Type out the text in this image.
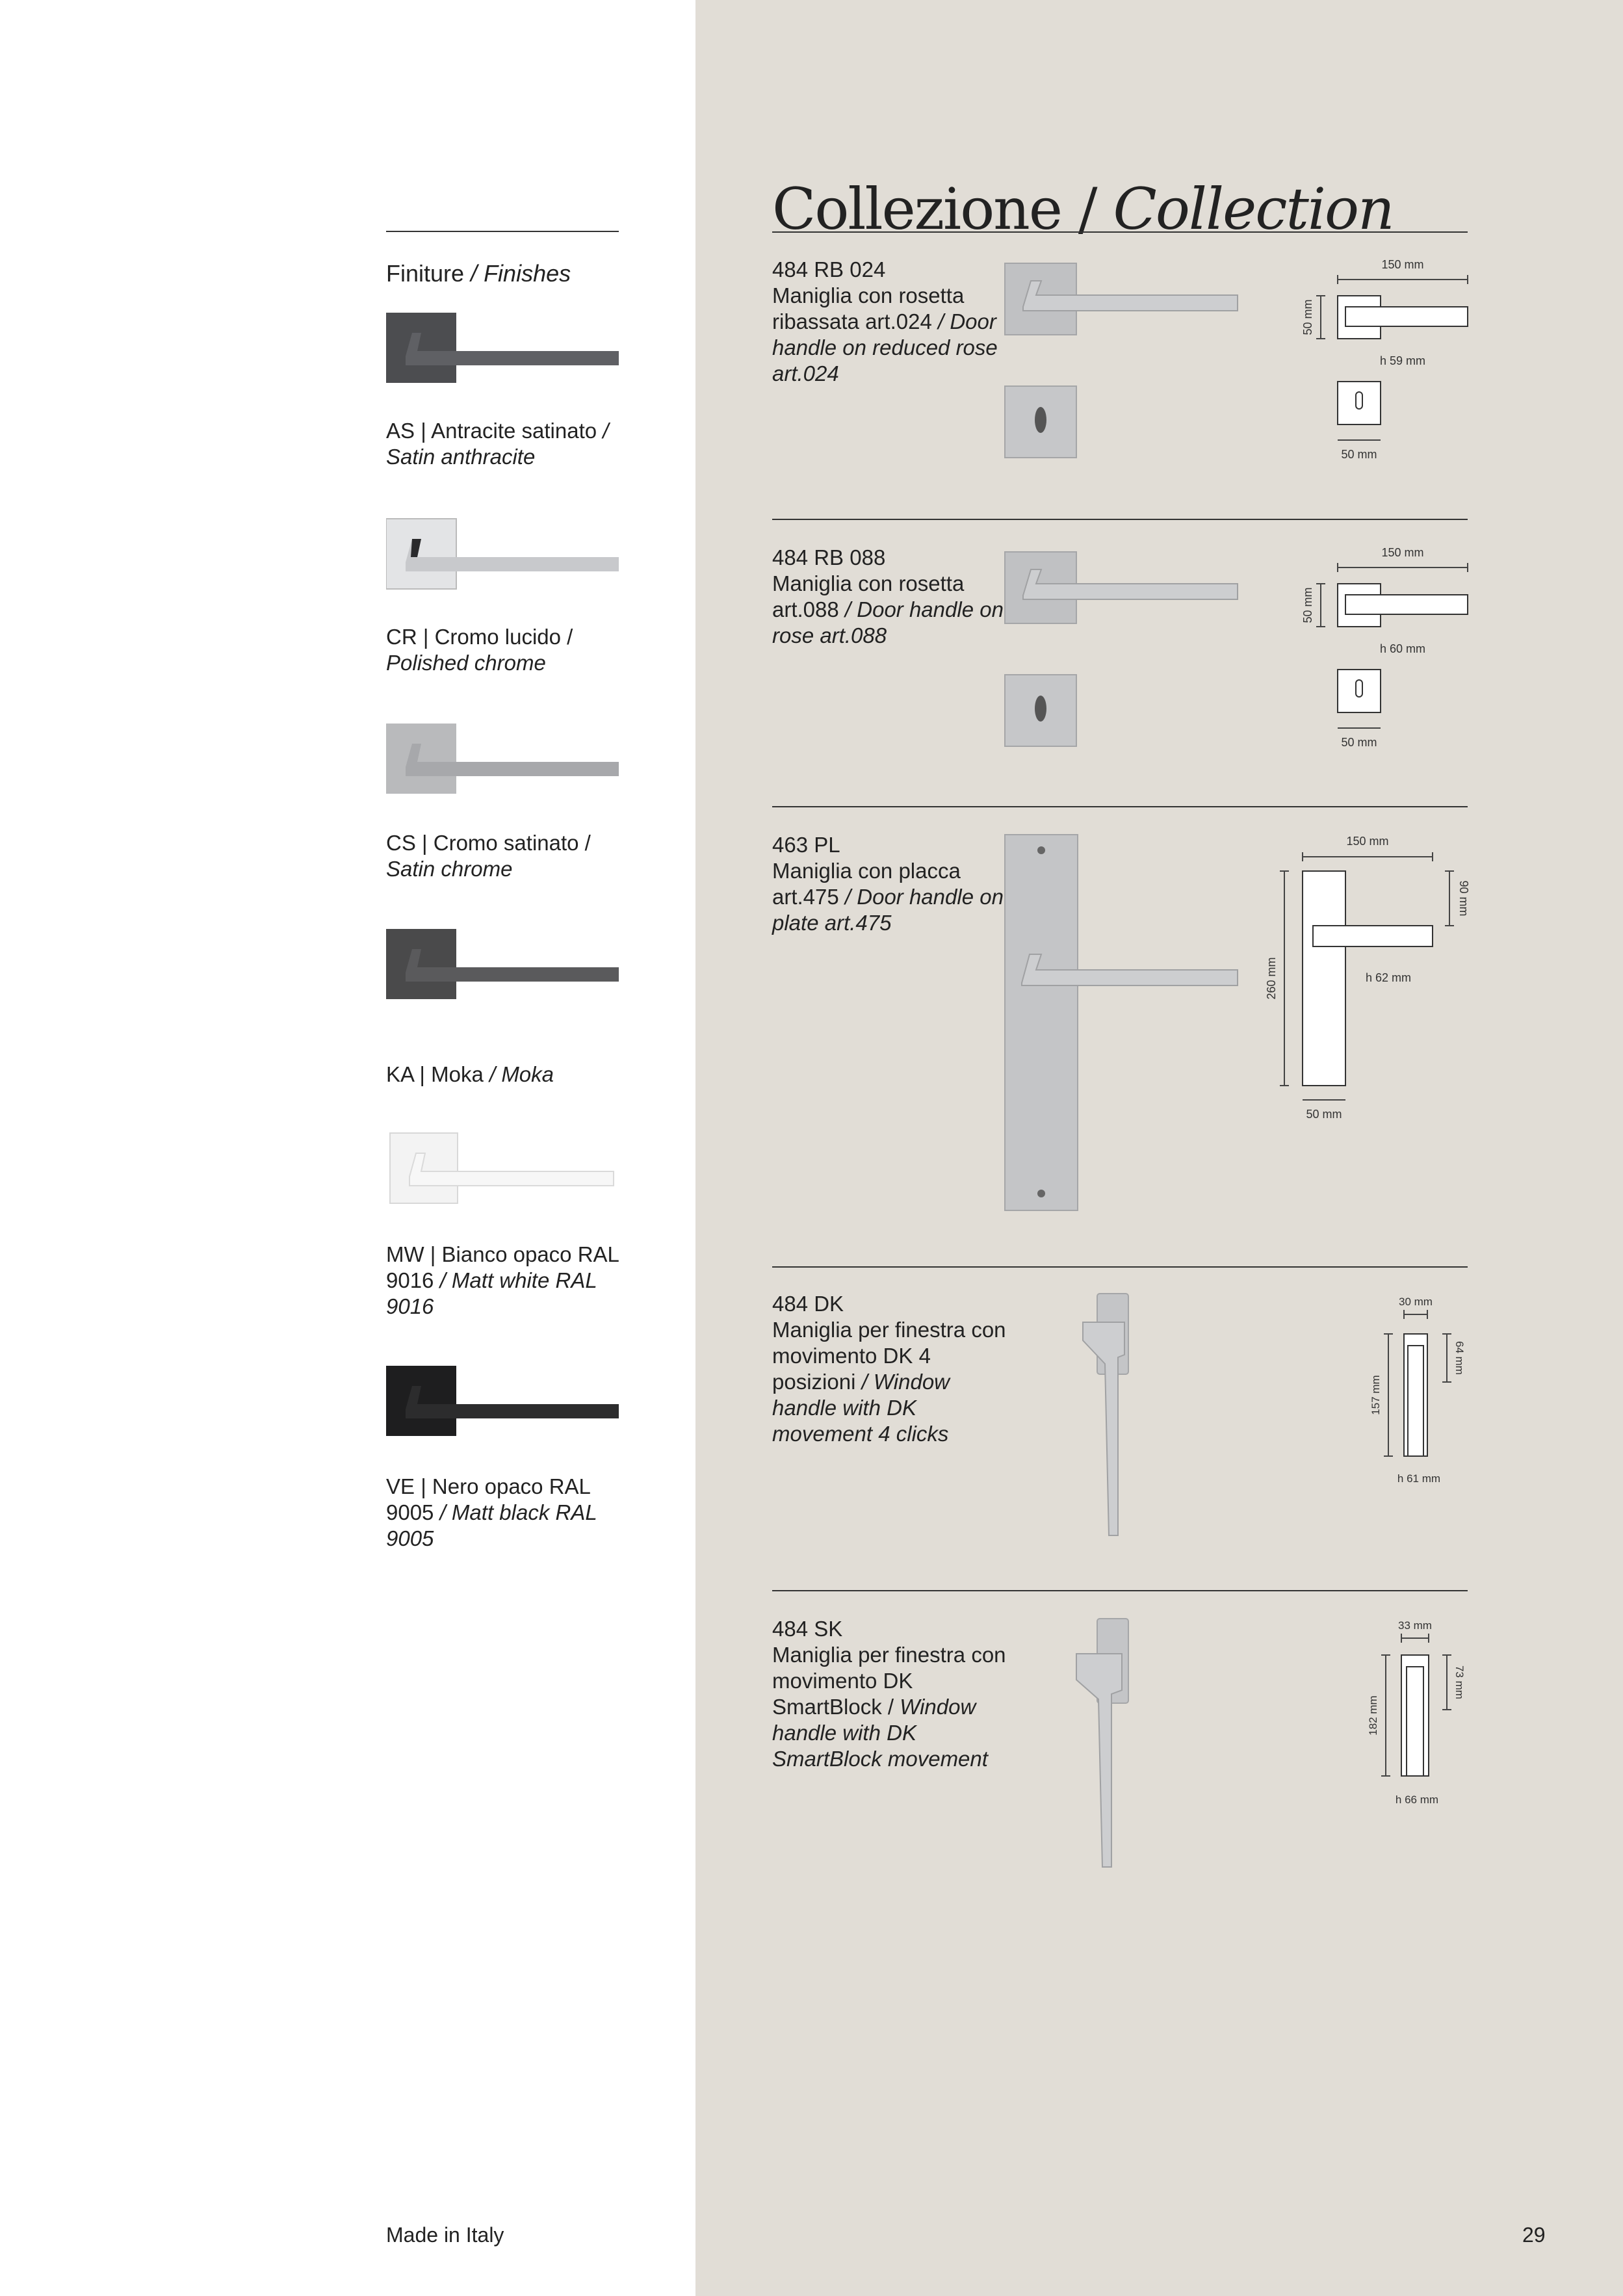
Collezione / Collection
Finiture / Finishes
AS | Antracite satinato / Satin anthracite
CR | Cromo lucido / Polished chrome
CS | Cromo satinato / Satin chrome
KA | Moka / Moka
MW | Bianco opaco RAL 9016 / Matt white RAL 9016
VE | Nero opaco RAL 9005 / Matt black RAL 9005
484 RB 024
Maniglia con rosetta ribassata art.024 / Door handle on reduced rose art.024
150 mm
50 mm
h 59 mm
50 mm
484 RB 088
Maniglia con rosetta art.088 / Door handle on rose art.088
150 mm
50 mm
h 60 mm
50 mm
463 PL
Maniglia con placca art.475 / Door handle on plate art.475
150 mm
90 mm
260 mm	h 62 mm
50 mm
484 DK
Maniglia per finestra con movimento DK 4 posizioni / Window handle with DK movement 4 clicks
30 mm
64 mm
157 mm
h 61 mm
484 SK
Maniglia per finestra con movimento DK SmartBlock / Window handle with DK SmartBlock movement
33 mm
73 mm
182 mm
h 66 mm
Made in Italy	29
